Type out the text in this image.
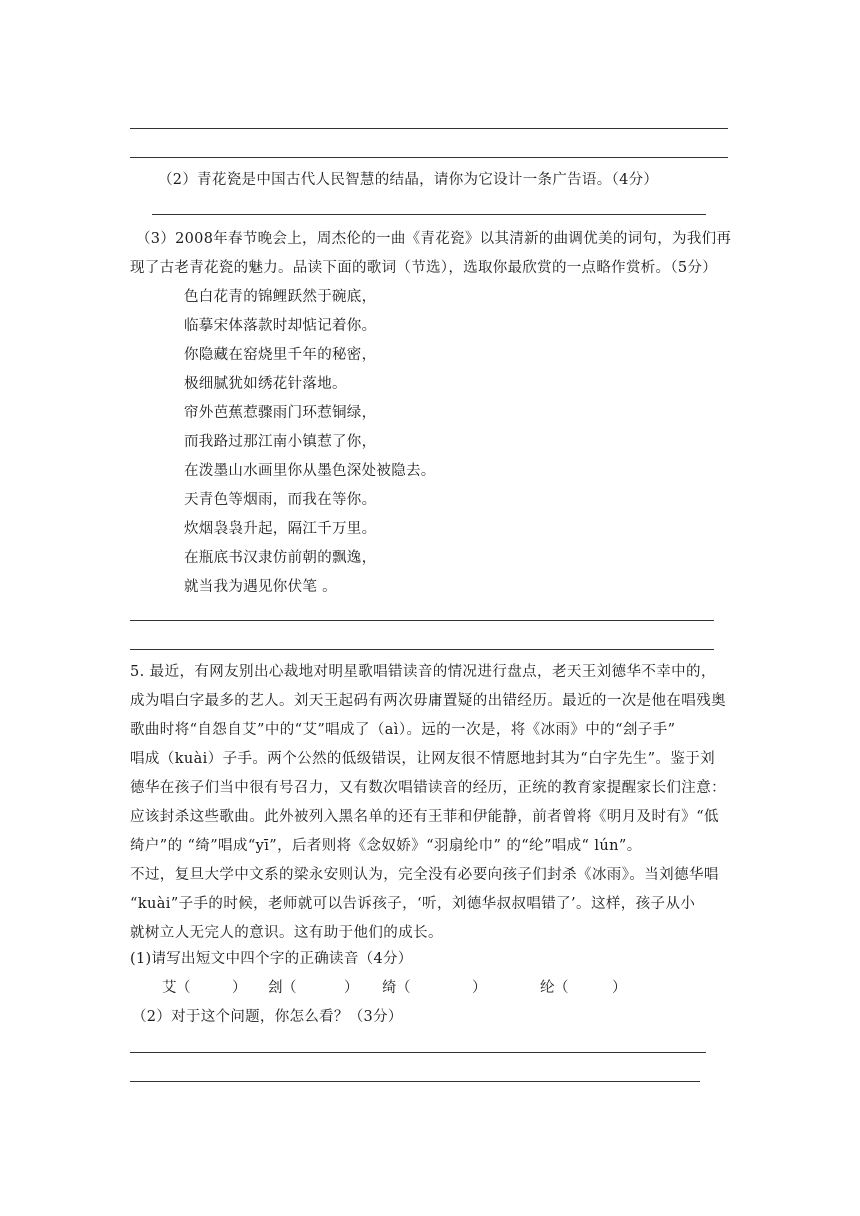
（2）青花瓷是中国古代人民智慧的结晶，请你为它设计一条广告语。（4分）
（3）2008年春节晚会上，周杰伦的一曲《青花瓷》以其清新的曲调优美的词句，为我们再
现了古老青花瓷的魅力。品读下面的歌词（节选），选取你最欣赏的一点略作赏析。（5分）
色白花青的锦鲤跃然于碗底，
临摹宋体落款时却惦记着你。
你隐藏在窑烧里千年的秘密，
极细腻犹如绣花针落地。
帘外芭蕉惹骤雨门环惹铜绿，
而我路过那江南小镇惹了你，
在泼墨山水画里你从墨色深处被隐去。
天青色等烟雨，而我在等你。
炊烟袅袅升起，隔江千万里。
在瓶底书汉隶仿前朝的飘逸，
就当我为遇见你伏笔 。
5. 最近，有网友别出心裁地对明星歌唱错读音的情况进行盘点，老天王刘德华不幸中的，
成为唱白字最多的艺人。刘天王起码有两次毋庸置疑的出错经历。最近的一次是他在唱残奥
歌曲时将“自怨自艾”中的“艾”唱成了（aì）。远的一次是，将《冰雨》中的“刽子手”
唱成（kuài）子手。两个公然的低级错误，让网友很不情愿地封其为“白字先生”。鉴于刘
德华在孩子们当中很有号召力，又有数次唱错读音的经历，正统的教育家提醒家长们注意：
应该封杀这些歌曲。此外被列入黑名单的还有王菲和伊能静，前者曾将《明月及时有》“低
绮户”的 “绮”唱成“yī”，后者则将《念奴娇》“羽扇纶巾” 的“纶”唱成“ lún”。
不过，复旦大学中文系的梁永安则认为，完全没有必要向孩子们封杀《冰雨》。当刘德华唱
“kuài”子手的时候，老师就可以告诉孩子，‘听，刘德华叔叔唱错了’。这样，孩子从小
就树立人无完人的意识。这有助于他们的成长。
(1)请写出短文中四个字的正确读音（4分）
艾 （	） 刽 （	） 绮 （	）	纶 （	）
（2）对于这个问题，你怎么看？（3分）
